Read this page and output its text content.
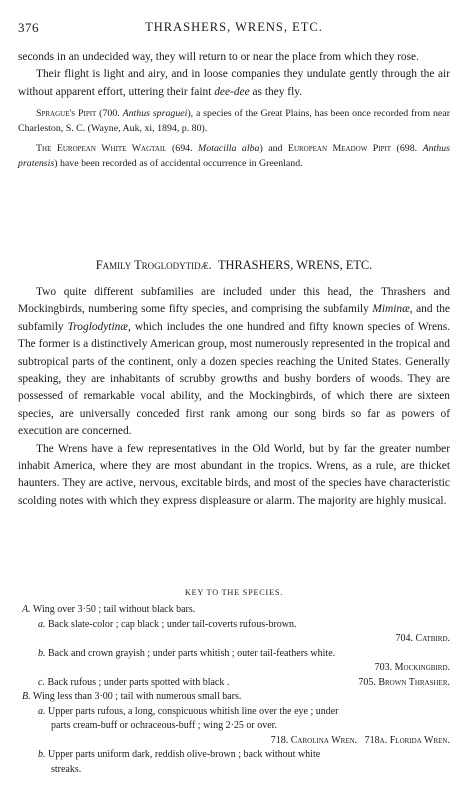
376	THRASHERS, WRENS, ETC.

seconds in an undecided way, they will return to or near the place from which they rose.

Their flight is light and airy, and in loose companies they undulate gently through the air without apparent effort, uttering their faint dee-dee as they fly.

Sprague's Pipit (700. Anthus spraguei), a species of the Great Plains, has been once recorded from near Charleston, S. C. (Wayne, Auk, xi, 1894, p. 80).

The European White Wagtail (694. Motacilla alba) and European Meadow Pipit (698. Anthus pratensis) have been recorded as of accidental occurrence in Greenland.

Family Troglodytidæ. THRASHERS, WRENS, ETC.

Two quite different subfamilies are included under this head, the Thrashers and Mockingbirds, numbering some fifty species, and comprising the subfamily Miminæ, and the subfamily Troglodytinæ, which includes the one hundred and fifty known species of Wrens. The former is a distinctively American group, most numerously represented in the tropical and subtropical parts of the continent, only a dozen species reaching the United States. Generally speaking, they are inhabitants of scrubby growths and bushy borders of woods. They are possessed of remarkable vocal ability, and the Mockingbirds, of which there are sixteen species, are universally conceded first rank among our song birds so far as powers of execution are concerned.

The Wrens have a few representatives in the Old World, but by far the greater number inhabit America, where they are most abundant in the tropics. Wrens, as a rule, are thicket haunters. They are active, nervous, excitable birds, and most of the species have characteristic scolding notes with which they express displeasure or alarm. The majority are highly musical.

KEY TO THE SPECIES.
A. Wing over 3·50 ; tail without black bars.
a. Back slate-color ; cap black ; under tail-coverts rufous-brown.
704. Catbird.
b. Back and crown grayish ; under parts whitish ; outer tail-feathers white.
703. Mockingbird.
c. Back rufous ; under parts spotted with black .	705. Brown Thrasher.
B. Wing less than 3·00 ; tail with numerous small bars.
a. Upper parts rufous, a long, conspicuous whitish line over the eye ; under
parts cream-buff or ochraceous-buff ; wing 2·25 or over.
718. Carolina Wren.   718a. Florida Wren.
b. Upper parts uniform dark, reddish olive-brown ; back without white
streaks.
